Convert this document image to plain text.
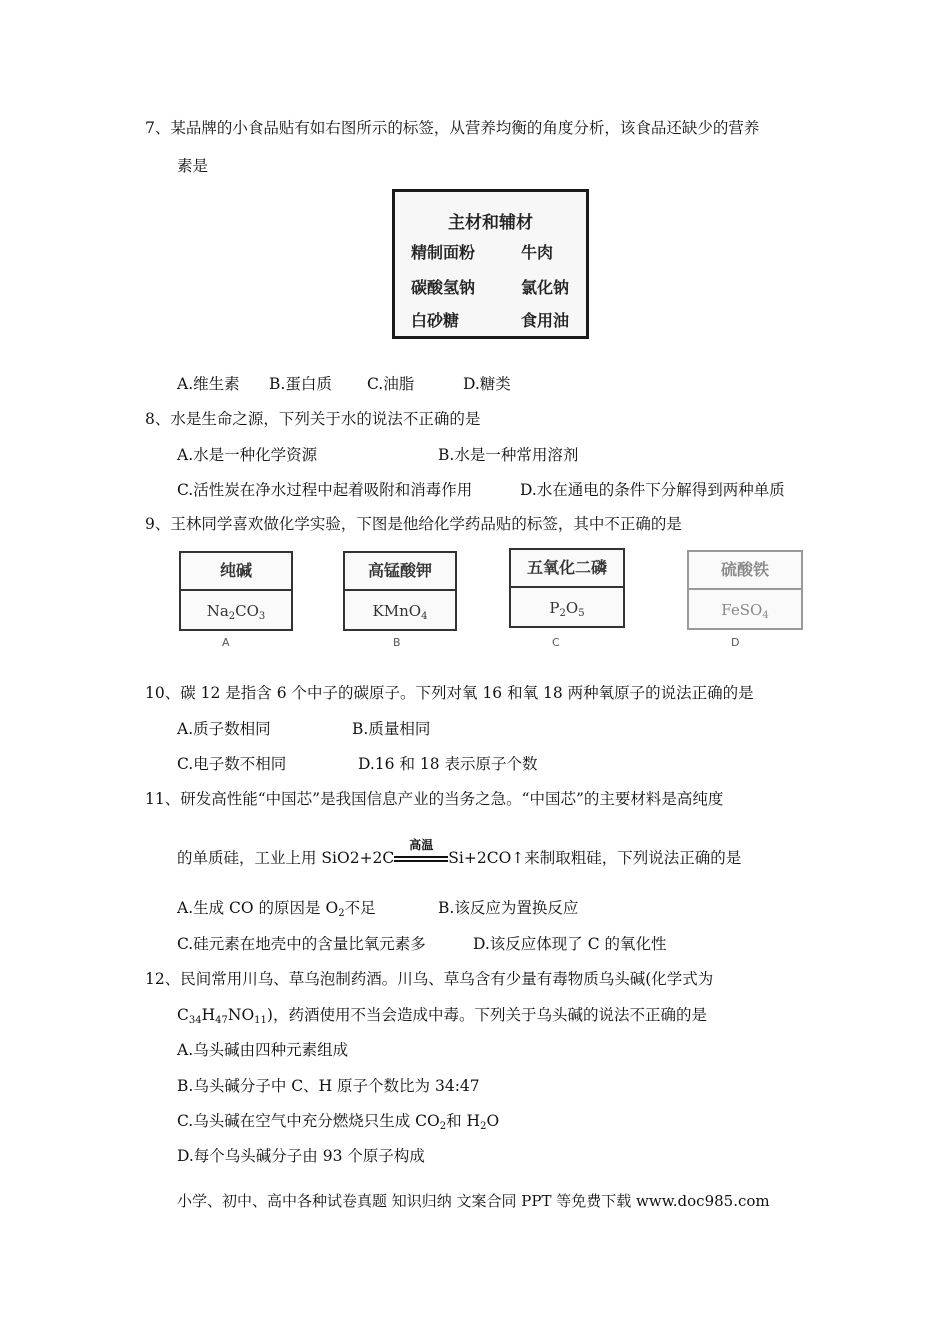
7、某品牌的小食品贴有如右图所示的标签，从营养均衡的角度分析，该食品还缺少的营养
素是
主材和辅材
精制面粉	牛肉
碳酸氢钠	氯化钠
白砂糖	食用油
A.维生素 B.蛋白质 C.油脂	D.糖类
8、水是生命之源，下列关于水的说法不正确的是
A.水是一种化学资源	B.水是一种常用溶剂
C.活性炭在净水过程中起着吸附和消毒作用	D.水在通电的条件下分解得到两种单质
9、王林同学喜欢做化学实验，下图是他给化学药品贴的标签，其中不正确的是
纯碱
$Na_2CO_3$
A
高锰酸钾
KMnO$_4$
B
五氧化二磷
$P_2O_5$
C
硫酸铁
FeSO$_4$
D
10、碳 12 是指含 6 个中子的碳原子。下列对氧 16 和氧 18 两种氧原子的说法正确的是
A.质子数相同	B.质量相同
C.电子数不相同	D.16 和 18 表示原子个数
11、研发高性能“中国芯”是我国信息产业的当务之急。“中国芯”的主要材料是高纯度
的单质硅，工业上用 SiO2+2C
高温
Si+2CO↑来制取粗硅，下列说法正确的是
A.生成 CO 的原因是 $O_2$不足	B.该反应为置换反应
C.硅元素在地壳中的含量比氧元素多	D.该反应体现了 C 的氧化性
12、民间常用川乌、草乌泡制药酒。川乌、草乌含有少量有毒物质乌头碱(化学式为
$C_{34}H_{47}NO_{11}$)，药酒使用不当会造成中毒。下列关于乌头碱的说法不正确的是
A.乌头碱由四种元素组成
B.乌头碱分子中 C、H 原子个数比为 34:47
C.乌头碱在空气中充分燃烧只生成 $CO_2$和 $H_2O$
D.每个乌头碱分子由 93 个原子构成
小学、初中、高中各种试卷真题 知识归纳 文案合同 PPT 等免费下载 www.doc985.com
